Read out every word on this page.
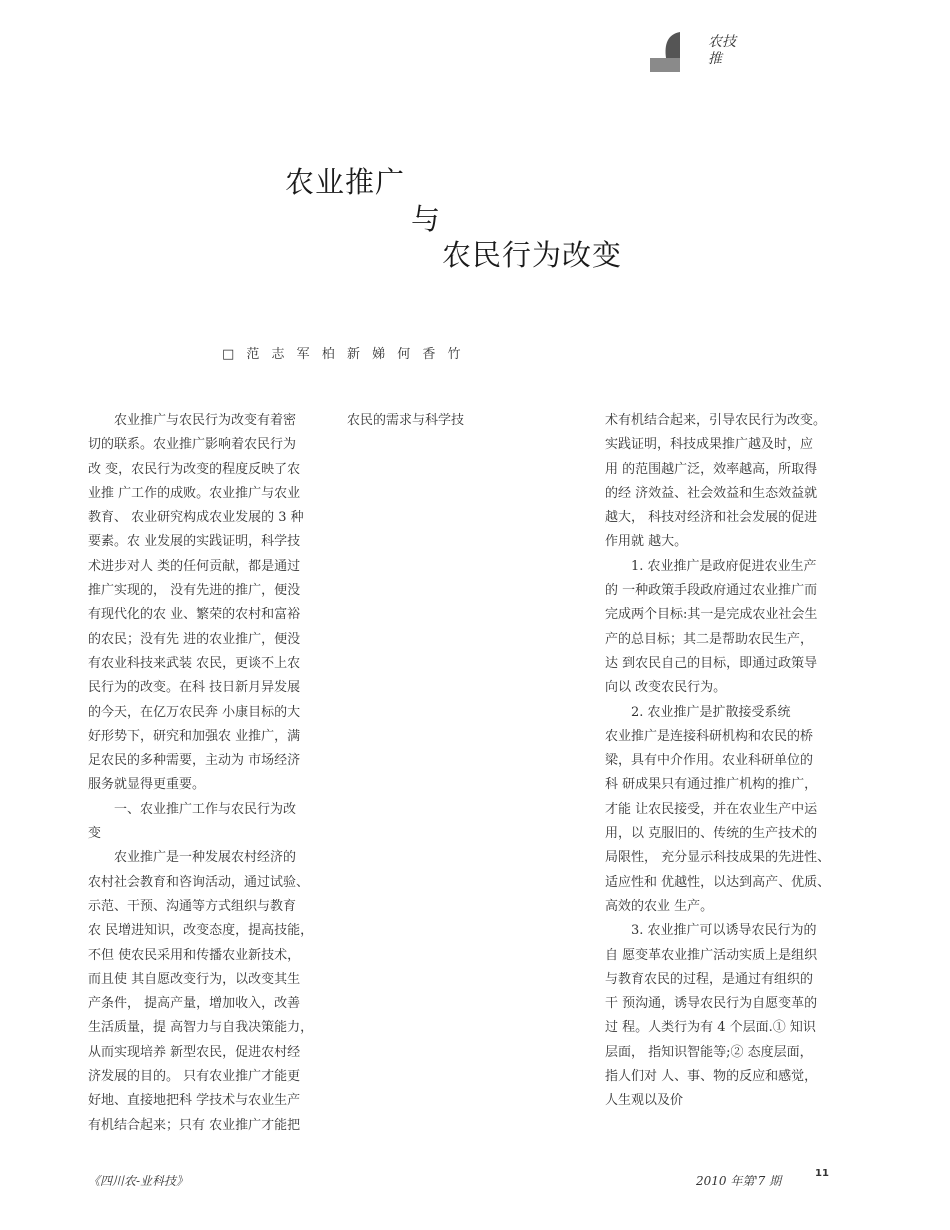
农技
推
农业推广
与
农民行为改变
□ 范 志 军 柏 新 娣 何 香 竹
　　农业推广与农民行为改变有着密
切的联系。农业推广影响着农民行为
改 变，农民行为改变的程度反映了农
业推 广工作的成败。农业推广与农业
教育、 农业研究构成农业发展的 3 种
要素。农 业发展的实践证明，科学技
术进步对人 类的任何贡献，都是通过
推广实现的， 没有先进的推广，便没
有现代化的农 业、繁荣的农村和富裕
的农民；没有先 进的农业推广，便没
有农业科技来武装 农民，更谈不上农
民行为的改变。在科 技日新月异发展
的今天，在亿万农民奔 小康目标的大
好形势下，研究和加强农 业推广，满
足农民的多种需要，主动为 市场经济
服务就显得更重要。
　　一、农业推广工作与农民行为改
变
　　农业推广是一种发展农村经济的
农村社会教育和咨询活动，通过试验、
示范、干预、沟通等方式组织与教育
农 民增进知识，改变态度，提高技能，
不但 使农民采用和传播农业新技术，
而且使 其自愿改变行为，以改变其生
产条件， 提高产量，增加收入，改善
生活质量，提 高智力与自我决策能力，
从而实现培养 新型农民，促进农村经
济发展的目的。 只有农业推广才能更
好地、直接地把科 学技术与农业生产
有机结合起来；只有 农业推广才能把
农民的需求与科学技	术有机结合起来，引导农民行为改变。
实践证明，科技成果推广越及时，应
用 的范围越广泛，效率越高，所取得
的经 济效益、社会效益和生态效益就
越大， 科技对经济和社会发展的促进
作用就 越大。
　　1. 农业推广是政府促进农业生产
的 一种政策手段政府通过农业推广而
完成两个目标:其一是完成农业社会生
产的总目标；其二是帮助农民生产，
达 到农民自己的目标，即通过政策导
向以 改变农民行为。
　　2. 农业推广是扩散接受系统
农业推广是连接科研机构和农民的桥
梁，具有中介作用。农业科研单位的
科 研成果只有通过推广机构的推广，
才能 让农民接受，并在农业生产中运
用，以 克服旧的、传统的生产技术的
局限性， 充分显示科技成果的先进性、
适应性和 优越性，以达到高产、优质、
高效的农业 生产。
　　3. 农业推广可以诱导农民行为的
自 愿变革农业推广活动实质上是组织
与教育农民的过程，是通过有组织的
干 预沟通，诱导农民行为自愿变革的
过 程。人类行为有 4 个层面.① 知识
层面， 指知识智能等;② 态度层面，
指人们对 人、事、物的反应和感觉，
人生观以及价
《四川农-业科技》	2010 年第'7 期
11
